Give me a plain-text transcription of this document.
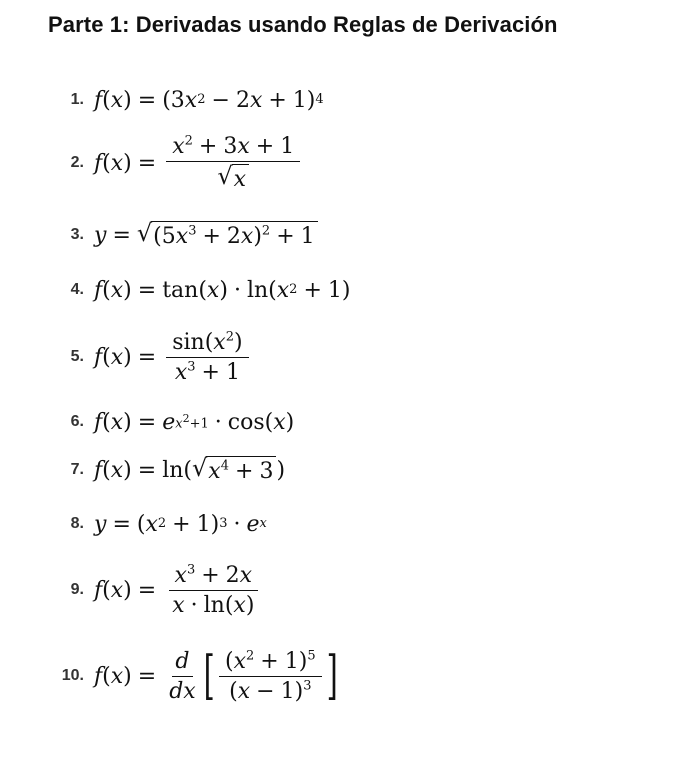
Parte 1: Derivadas usando Reglas de Derivación
1. f ( x ) = (3 x 2 − 2 x + 1) 4
2. f ( x ) = $\frac{x^2 + 3x + 1}{√ x}$
3. y = √ $(5x^3 + 2x)^2 + 1$
4. f ( x ) = tan( x ) · ln( x 2 + 1)
5. f ( x ) = $\frac{\sin(x^2)}{x^3 + 1}$
6. f ( x ) = e $x^2+1 \cdot \cos$( x )
7. f ( x ) = ln( √ $x^4 + 3$ )
8. y = ( x 2 + 1) 3 · e x
9. f ( x ) = $\frac{x^3 + 2x}{x \cdot \ln(x)}$
10. f ( x ) = $\frac{d}{dx}$ [ $\frac{(x^2 + 1)^5}{(x - 1)^3}$ ]
